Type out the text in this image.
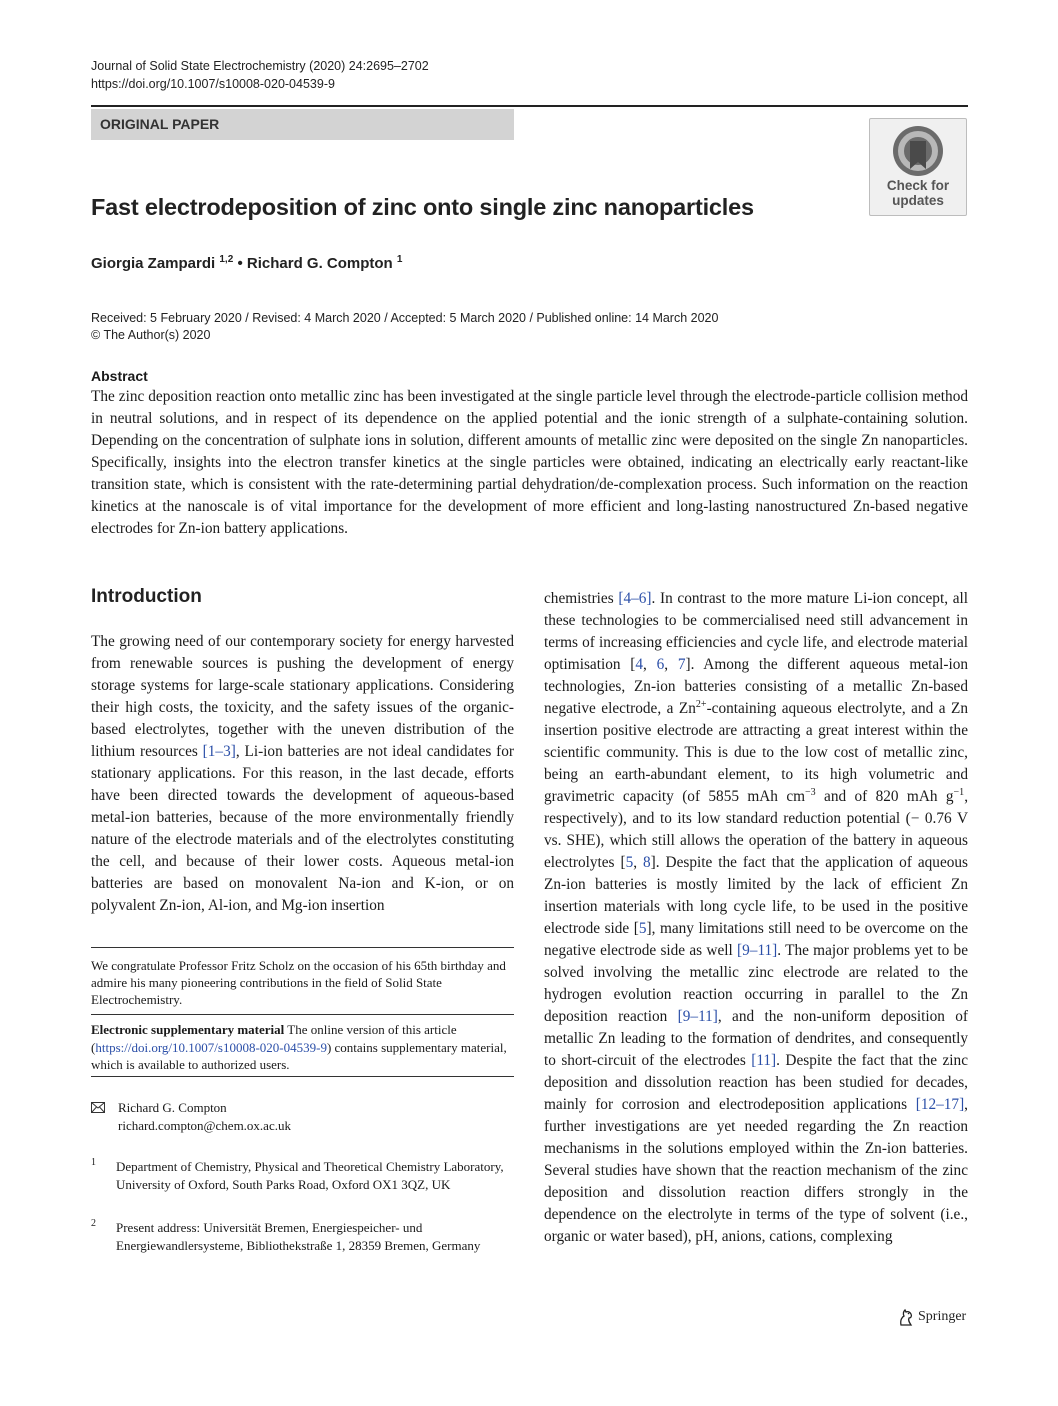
Journal of Solid State Electrochemistry (2020) 24:2695–2702
https://doi.org/10.1007/s10008-020-04539-9
ORIGINAL PAPER
Check for
updates
Fast electrodeposition of zinc onto single zinc nanoparticles
Giorgia Zampardi $^{1,2}$ • Richard G. Compton $^1$
Received: 5 February 2020 / Revised: 4 March 2020 / Accepted: 5 March 2020 / Published online: 14 March 2020
© The Author(s) 2020
Abstract

The zinc deposition reaction onto metallic zinc has been investigated at the single particle level through the electrode-particle collision method in neutral solutions, and in respect of its dependence on the applied potential and the ionic strength of a sulphate-containing solution. Depending on the concentration of sulphate ions in solution, different amounts of metallic zinc were deposited on the single Zn nanoparticles. Specifically, insights into the electron transfer kinetics at the single particles were obtained, indicating an electrically early reactant-like transition state, which is consistent with the rate-determining partial dehydration/de-complexation process. Such information on the reaction kinetics at the nanoscale is of vital importance for the development of more efficient and long-lasting nanostructured Zn-based negative electrodes for Zn-ion battery applications.

Introduction
The growing need of our contemporary society for energy harvested from renewable sources is pushing the development of energy storage systems for large-scale stationary applications. Considering their high costs, the toxicity, and the safety issues of the organic-based electrolytes, together with the uneven distribution of the lithium resources [1–3], Li-ion batteries are not ideal candidates for stationary applications. For this reason, in the last decade, efforts have been directed towards the development of aqueous-based metal-ion batteries, because of the more environmentally friendly nature of the electrode materials and of the electrolytes constituting the cell, and because of their lower costs. Aqueous metal-ion batteries are based on monovalent Na-ion and K-ion, or on polyvalent Zn-ion, Al-ion, and Mg-ion insertion
chemistries [4–6]. In contrast to the more mature Li-ion concept, all these technologies to be commercialised need still advancement in terms of increasing efficiencies and cycle life, and electrode material optimisation [4, 6, 7]. Among the different aqueous metal-ion technologies, Zn-ion batteries consisting of a metallic Zn-based negative electrode, a $Zn^{2+}$-containing aqueous electrolyte, and a Zn insertion positive electrode are attracting a great interest within the scientific community. This is due to the low cost of metallic zinc, being an earth-abundant element, to its high volumetric and gravimetric capacity (of 5855 mAh $cm^{-3}$ and of 820 mAh $g^{-1}$, respectively), and to its low standard reduction potential (− 0.76 V vs. SHE), which still allows the operation of the battery in aqueous electrolytes [5, 8]. Despite the fact that the application of aqueous Zn-ion batteries is mostly limited by the lack of efficient Zn insertion materials with long cycle life, to be used in the positive electrode side [5], many limitations still need to be overcome on the negative electrode side as well [9–11]. The major problems yet to be solved involving the metallic zinc electrode are related to the hydrogen evolution reaction occurring in parallel to the Zn deposition reaction [9–11], and the non-uniform deposition of metallic Zn leading to the formation of dendrites, and consequently to short-circuit of the electrodes [11]. Despite the fact that the zinc deposition and dissolution reaction has been studied for decades, mainly for corrosion and electrodeposition applications [12–17], further investigations are yet needed regarding the Zn reaction mechanisms in the solutions employed within the Zn-ion batteries. Several studies have shown that the reaction mechanism of the zinc deposition and dissolution reaction differs strongly in the dependence on the electrolyte in terms of the type of solvent (i.e., organic or water based), pH, anions, cations, complexing
We congratulate Professor Fritz Scholz on the occasion of his 65th birthday and admire his many pioneering contributions in the field of Solid State Electrochemistry.
Electronic supplementary material The online version of this article (https://doi.org/10.1007/s10008-020-04539-9) contains supplementary material, which is available to authorized users.
Richard G. Compton
richard.compton@chem.ox.ac.uk
1 Department of Chemistry, Physical and Theoretical Chemistry Laboratory, University of Oxford, South Parks Road, Oxford OX1 3QZ, UK
2 Present address: Universität Bremen, Energiespeicher- und Energiewandlersysteme, Bibliothekstraße 1, 28359 Bremen, Germany
Springer
